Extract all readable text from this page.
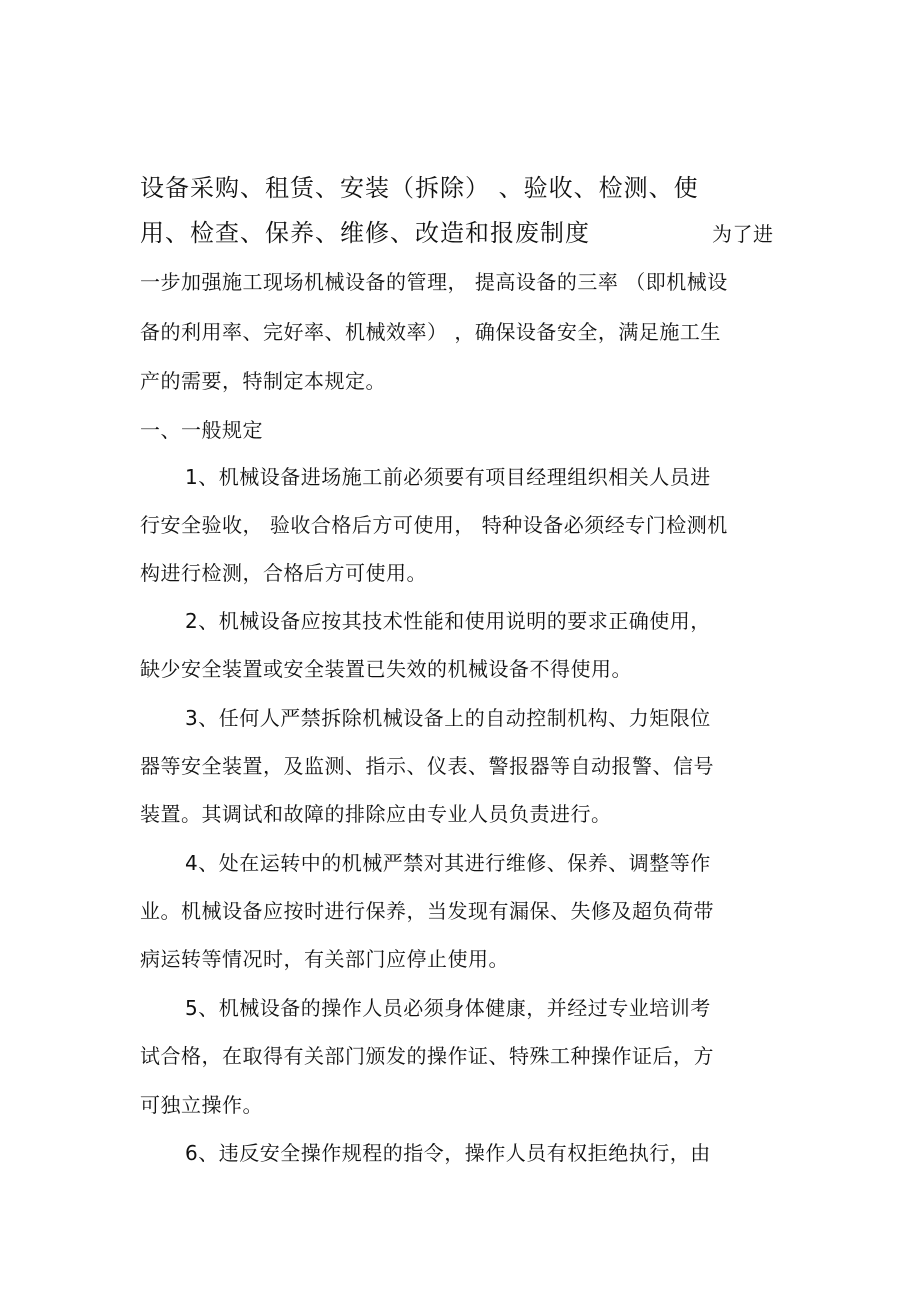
设备采购、租赁、安装（拆除） 、验收、检测、使
用、检查、保养、维修、改造和报废制度	为了进
一步加强施工现场机械设备的管理， 提高设备的三率 （即机械设
备的利用率、完好率、机械效率） ，确保设备安全，满足施工生
产的需要，特制定本规定。
一、一般规定
1、机械设备进场施工前必须要有项目经理组织相关人员进
行安全验收， 验收合格后方可使用， 特种设备必须经专门检测机
构进行检测，合格后方可使用。
2、机械设备应按其技术性能和使用说明的要求正确使用，
缺少安全装置或安全装置已失效的机械设备不得使用。
3、任何人严禁拆除机械设备上的自动控制机构、力矩限位
器等安全装置，及监测、指示、仪表、警报器等自动报警、信号
装置。其调试和故障的排除应由专业人员负责进行。
4、处在运转中的机械严禁对其进行维修、保养、调整等作
业。机械设备应按时进行保养，当发现有漏保、失修及超负荷带
病运转等情况时，有关部门应停止使用。
5、机械设备的操作人员必须身体健康，并经过专业培训考
试合格，在取得有关部门颁发的操作证、特殊工种操作证后，方
可独立操作。
6、违反安全操作规程的指令，操作人员有权拒绝执行，由
